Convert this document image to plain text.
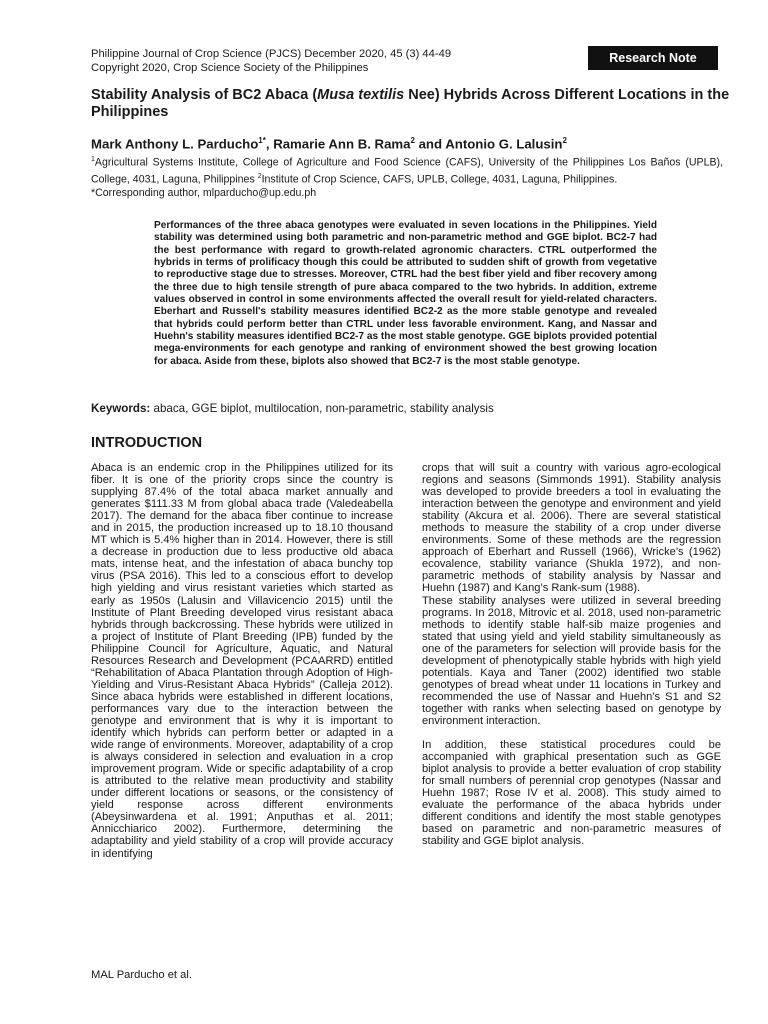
Philippine Journal of Crop Science (PJCS) December 2020, 45 (3) 44-49
Copyright 2020, Crop Science Society of the Philippines
Research Note
Stability Analysis of BC2 Abaca (Musa textilis Nee) Hybrids Across Different Locations in the Philippines
Mark Anthony L. Parducho$^{1*}$, Ramarie Ann B. Rama$^2$ and Antonio G. Lalusin$^2$
$^1$Agricultural Systems Institute, College of Agriculture and Food Science (CAFS), University of the Philippines Los Baños (UPLB), College, 4031, Laguna, Philippines $^2$Institute of Crop Science, CAFS, UPLB, College, 4031, Laguna, Philippines.
*Corresponding author, mlparducho@up.edu.ph
Performances of the three abaca genotypes were evaluated in seven locations in the Philippines. Yield stability was determined using both parametric and non-parametric method and GGE biplot. BC2-7 had the best performance with regard to growth-related agronomic characters. CTRL outperformed the hybrids in terms of prolificacy though this could be attributed to sudden shift of growth from vegetative to reproductive stage due to stresses. Moreover, CTRL had the best fiber yield and fiber recovery among the three due to high tensile strength of pure abaca compared to the two hybrids. In addition, extreme values observed in control in some environments affected the overall result for yield-related characters. Eberhart and Russell's stability measures identified BC2-2 as the more stable genotype and revealed that hybrids could perform better than CTRL under less favorable environment. Kang, and Nassar and Huehn's stability measures identified BC2-7 as the most stable genotype. GGE biplots provided potential mega-environments for each genotype and ranking of environment showed the best growing location for abaca. Aside from these, biplots also showed that BC2-7 is the most stable genotype.
Keywords: abaca, GGE biplot, multilocation, non-parametric, stability analysis
INTRODUCTION

Abaca is an endemic crop in the Philippines utilized for its fiber. It is one of the priority crops since the country is supplying 87.4% of the total abaca market annually and generates $111.33 M from global abaca trade (Valedeabella 2017). The demand for the abaca fiber continue to increase and in 2015, the production increased up to 18.10 thousand MT which is 5.4% higher than in 2014. However, there is still a decrease in production due to less productive old abaca mats, intense heat, and the infestation of abaca bunchy top virus (PSA 2016). This led to a conscious effort to develop high yielding and virus resistant varieties which started as early as 1950s (Lalusin and Villavicencio 2015) until the Institute of Plant Breeding developed virus resistant abaca hybrids through backcrossing. These hybrids were utilized in a project of Institute of Plant Breeding (IPB) funded by the Philippine Council for Agriculture, Aquatic, and Natural Resources Research and Development (PCAARRD) entitled “Rehabilitation of Abaca Plantation through Adoption of High-Yielding and Virus-Resistant Abaca Hybrids” (Calleja 2012). Since abaca hybrids were established in different locations, performances vary due to the interaction between the genotype and environment that is why it is important to identify which hybrids can perform better or adapted in a wide range of environments. Moreover, adaptability of a crop is always considered in selection and evaluation in a crop improvement program. Wide or specific adaptability of a crop is attributed to the relative mean productivity and stability under different locations or seasons, or the consistency of yield response across different environments (Abeysinwardena et al. 1991; Anputhas et al. 2011; Annicchiarico 2002). Furthermore, determining the adaptability and yield stability of a crop will provide accuracy in identifying

crops that will suit a country with various agro-ecological regions and seasons (Simmonds 1991). Stability analysis was developed to provide breeders a tool in evaluating the interaction between the genotype and environment and yield stability (Akcura et al. 2006). There are several statistical methods to measure the stability of a crop under diverse environments. Some of these methods are the regression approach of Eberhart and Russell (1966), Wricke’s (1962) ecovalence, stability variance (Shukla 1972), and non-parametric methods of stability analysis by Nassar and Huehn (1987) and Kang’s Rank-sum (1988).

These stability analyses were utilized in several breeding programs. In 2018, Mitrovic et al. 2018, used non-parametric methods to identify stable half-sib maize progenies and stated that using yield and yield stability simultaneously as one of the parameters for selection will provide basis for the development of phenotypically stable hybrids with high yield potentials. Kaya and Taner (2002) identified two stable genotypes of bread wheat under 11 locations in Turkey and recommended the use of Nassar and Huehn’s S1 and S2 together with ranks when selecting based on genotype by environment interaction.

In addition, these statistical procedures could be accompanied with graphical presentation such as GGE biplot analysis to provide a better evaluation of crop stability for small numbers of perennial crop genotypes (Nassar and Huehn 1987; Rose IV et al. 2008). This study aimed to evaluate the performance of the abaca hybrids under different conditions and identify the most stable genotypes based on parametric and non-parametric measures of stability and GGE biplot analysis.

MAL Parducho et al.
